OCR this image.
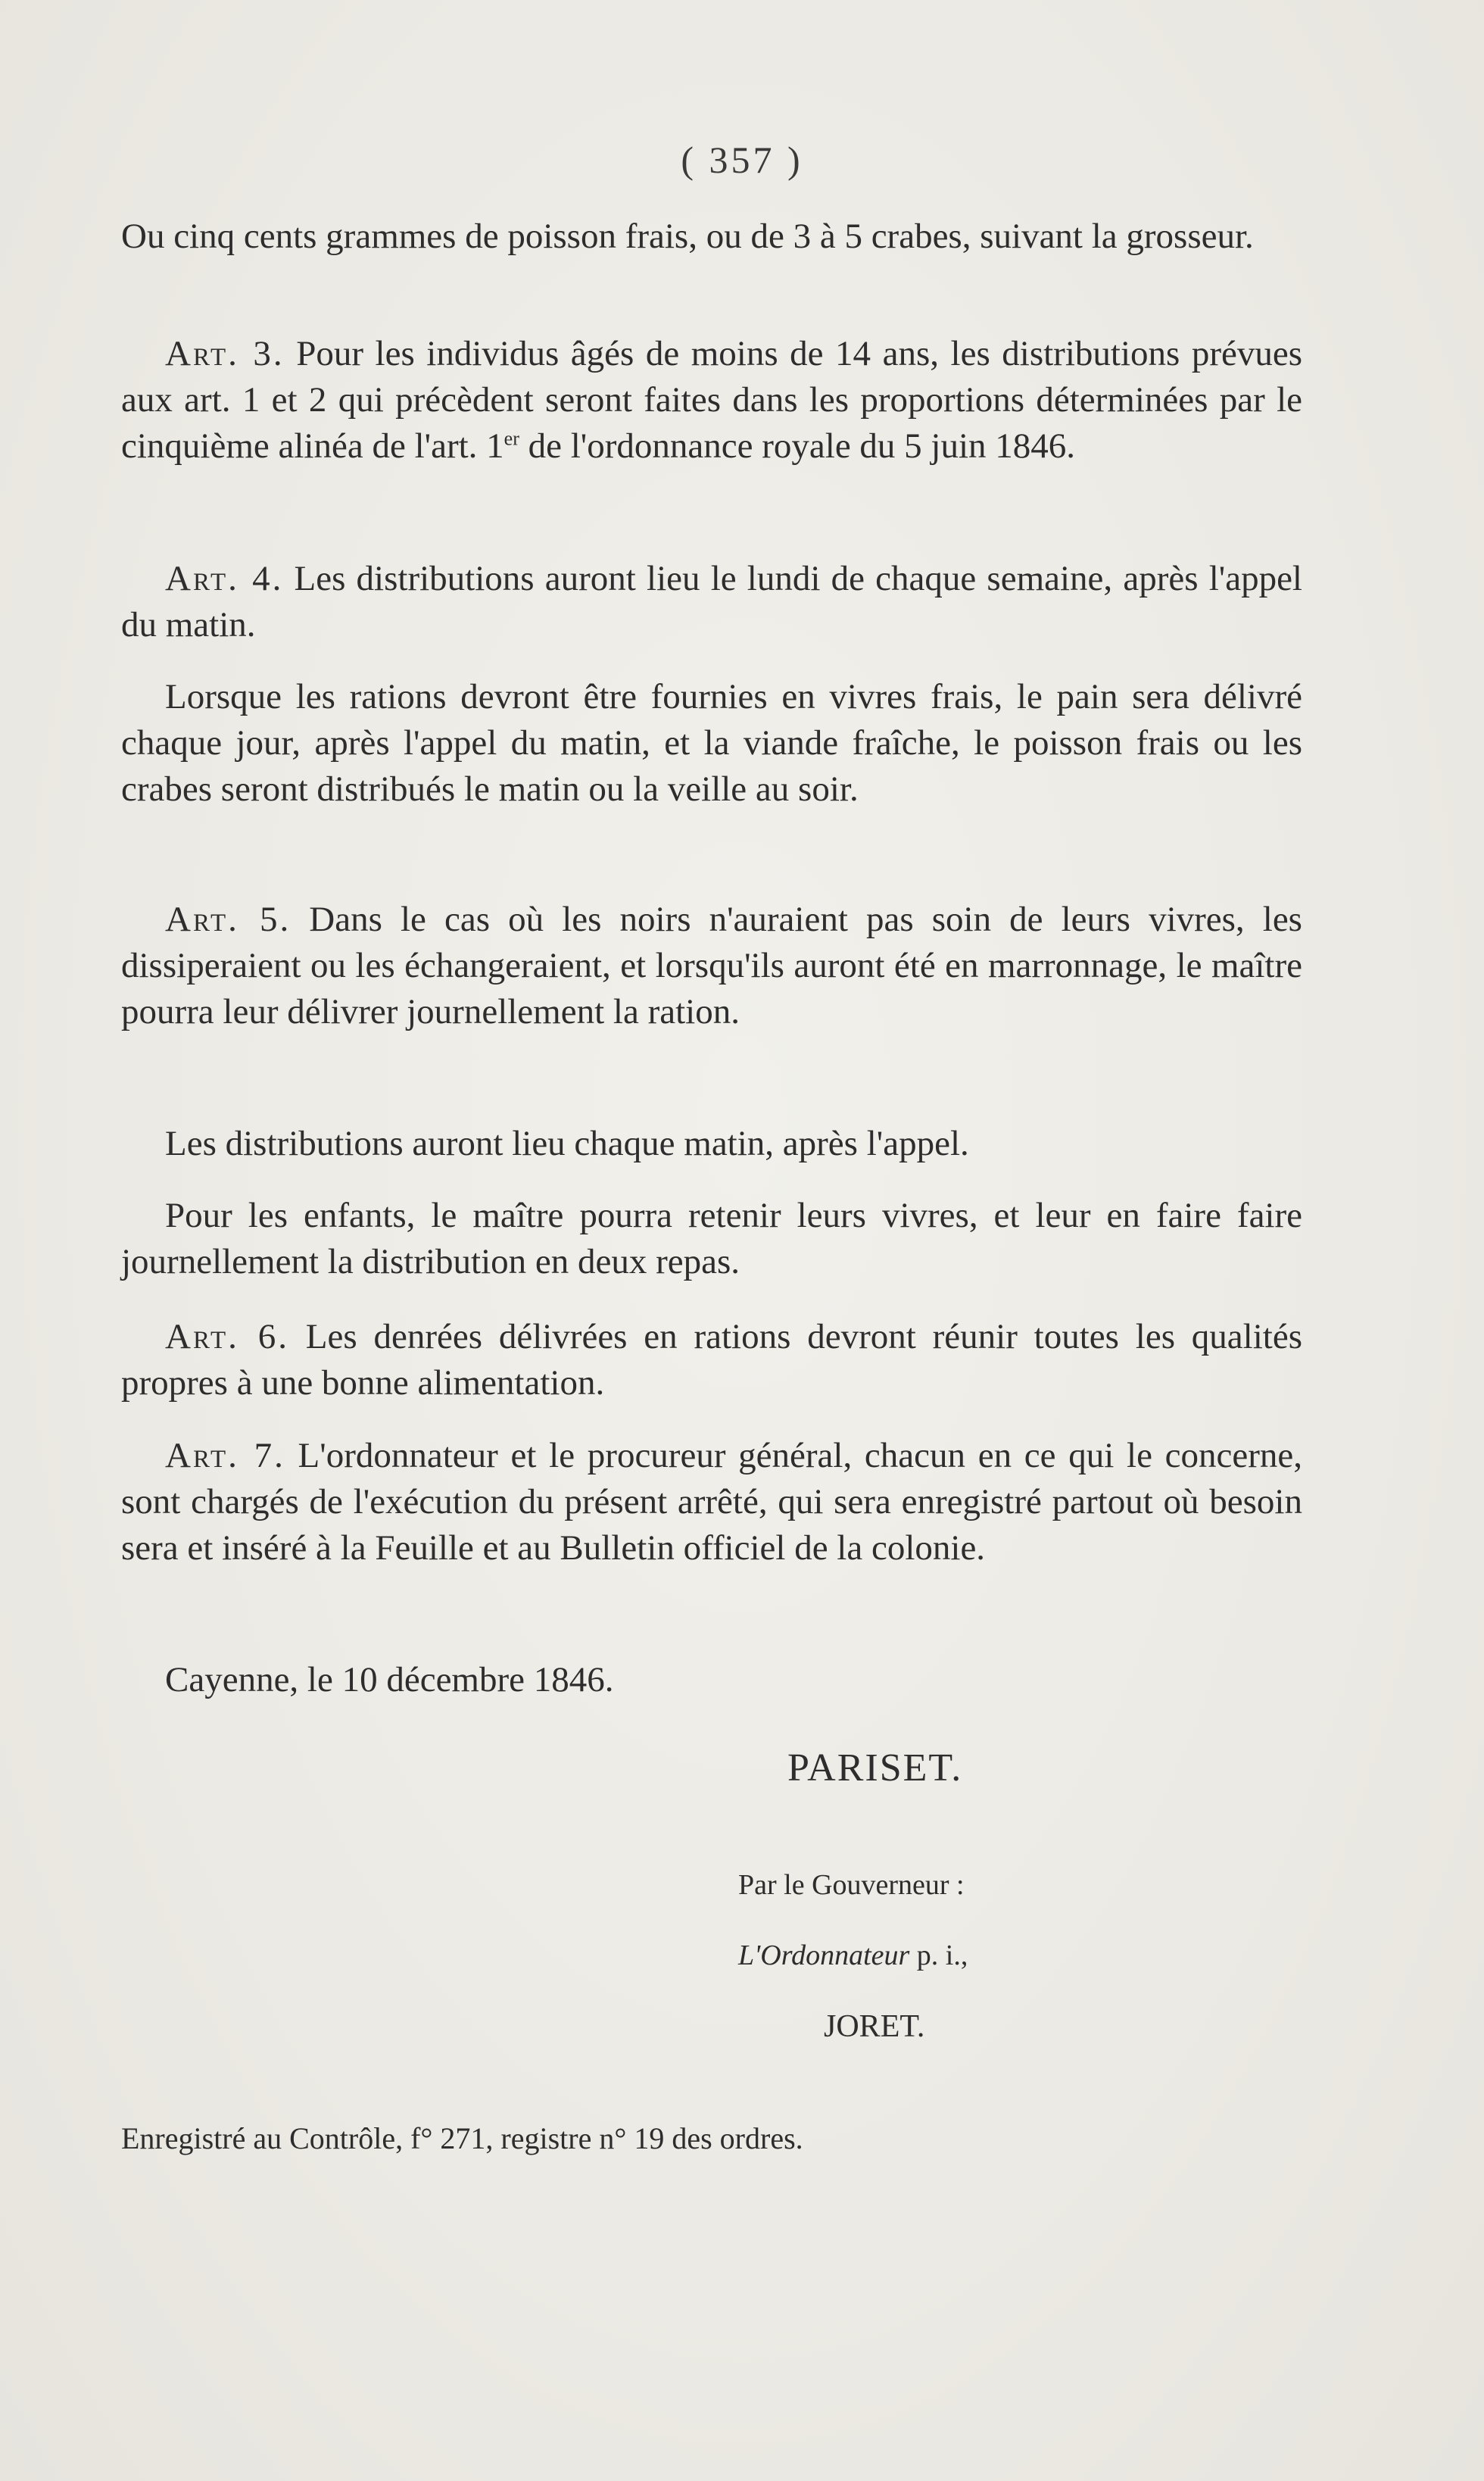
( 357 )

Ou cinq cents grammes de poisson frais, ou de 3 à 5 crabes, suivant la grosseur.

Art. 3. Pour les individus âgés de moins de 14 ans, les distributions prévues aux art. 1 et 2 qui précèdent seront faites dans les proportions déterminées par le cinquième alinéa de l'art. 1er de l'ordonnance royale du 5 juin 1846.

Art. 4. Les distributions auront lieu le lundi de chaque semaine, après l'appel du matin.

Lorsque les rations devront être fournies en vivres frais, le pain sera délivré chaque jour, après l'appel du matin, et la viande fraîche, le poisson frais ou les crabes seront distribués le matin ou la veille au soir.

Art. 5. Dans le cas où les noirs n'auraient pas soin de leurs vivres, les dissiperaient ou les échangeraient, et lorsqu'ils auront été en marronnage, le maître pourra leur délivrer journellement la ration.

Les distributions auront lieu chaque matin, après l'appel.

Pour les enfants, le maître pourra retenir leurs vivres, et leur en faire faire journellement la distribution en deux repas.

Art. 6. Les denrées délivrées en rations devront réunir toutes les qualités propres à une bonne alimentation.

Art. 7. L'ordonnateur et le procureur général, chacun en ce qui le concerne, sont chargés de l'exécution du présent arrêté, qui sera enregistré partout où besoin sera et inséré à la Feuille et au Bulletin officiel de la colonie.

Cayenne, le 10 décembre 1846.

PARISET.
Par le Gouverneur :
L'Ordonnateur p. i.,
JORET.
Enregistré au Contrôle, f° 271, registre n° 19 des ordres.
